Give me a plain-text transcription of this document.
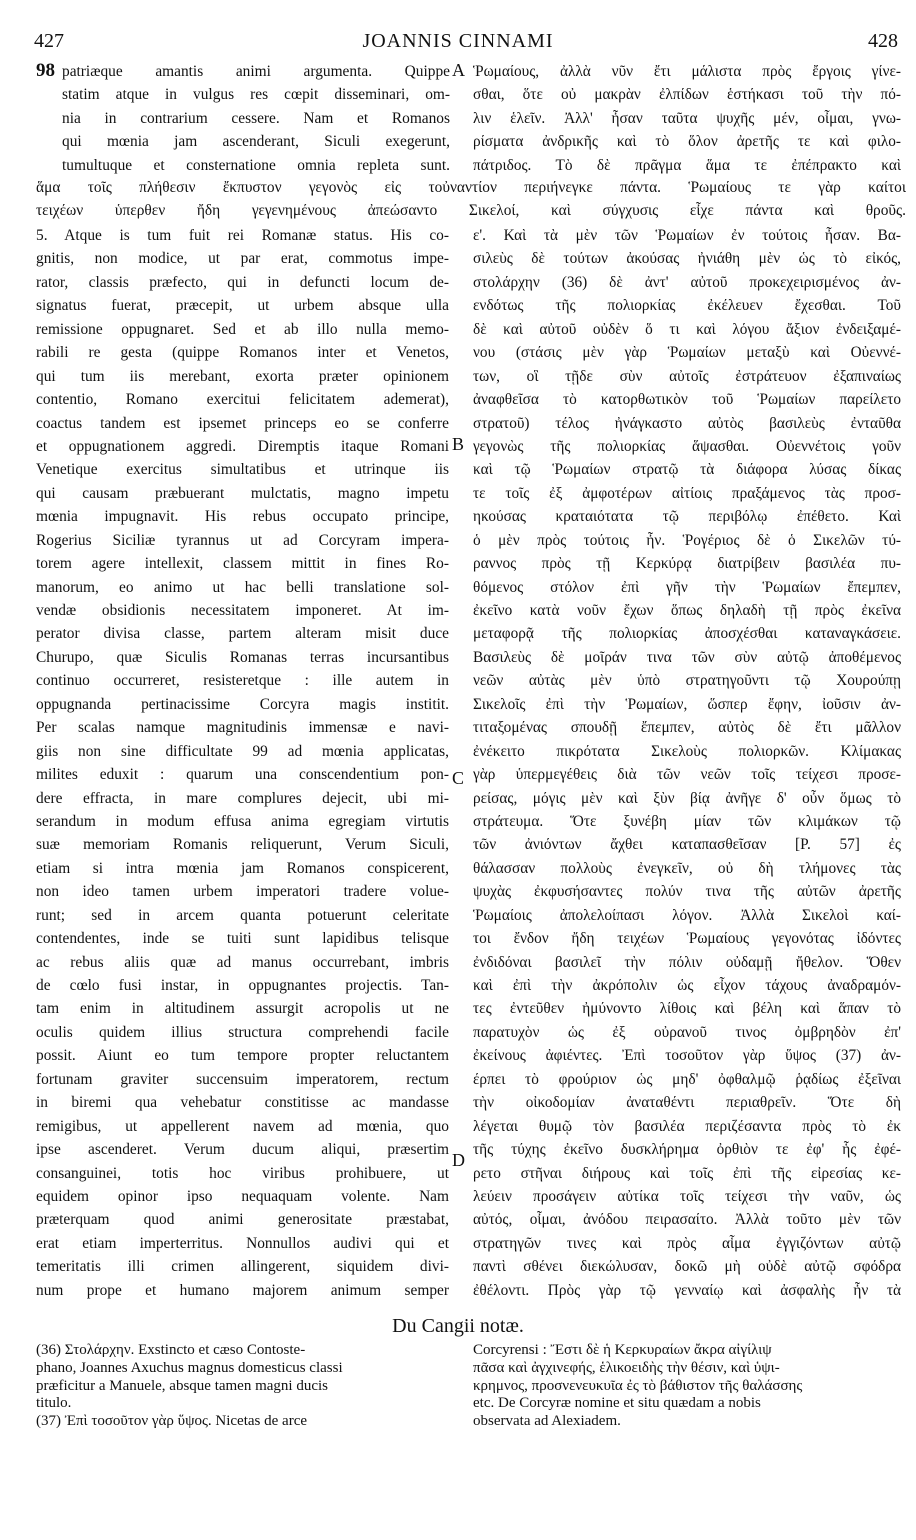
427	JOANNIS CINNAMI	428
98	A
B
C
D
patriæque amantis animi argumenta. Quippe
statim atque in vulgus res cœpit disseminari, om-
nia in contrarium cessere. Nam et Romanos
qui mœnia jam ascenderant, Siculi exegerunt,
tumultuque et consternatione omnia repleta sunt.
Ῥωμαίους, ἀλλὰ νῦν ἔτι μάλιστα πρὸς ἔργοις γίνε-
σθαι, ὅτε οὐ μακρὰν ἐλπίδων ἑστήκασι τοῦ τὴν πό-
λιν ἑλεῖν. Ἀλλ' ἦσαν ταῦτα ψυχῆς μέν, οἶμαι, γνω-
ρίσματα ἀνδρικῆς καὶ τὸ ὅλον ἀρετῆς τε καὶ φιλο-
πάτριδος. Τὸ δὲ πρᾶγμα ἅμα τε ἐπέπρακτο καὶ
ἅμα τοῖς πλήθεσιν ἔκπυστον γεγονὸς εἰς τοὐναντίον περιήνεγκε πάντα. Ῥωμαίους τε γὰρ καίτοι
τειχέων ὑπερθεν ἤδη γεγενημένους ἀπεώσαντο Σικελοί, καὶ σύγχυσις εἶχε πάντα καὶ θροῦς.
5. Atque is tum fuit rei Romanæ status. His co-
gnitis, non modice, ut par erat, commotus impe-
rator, classis præfecto, qui in defuncti locum de-
signatus fuerat, præcepit, ut urbem absque ulla
remissione oppugnaret. Sed et ab illo nulla memo-
rabili re gesta (quippe Romanos inter et Venetos,
qui tum iis merebant, exorta præter opinionem
contentio, Romano exercitui felicitatem ademerat),
coactus tandem est ipsemet princeps eo se conferre
et oppugnationem aggredi. Diremptis itaque Romani
Venetique exercitus simultatibus et utrinque iis
qui causam præbuerant mulctatis, magno impetu
mœnia impugnavit. His rebus occupato principe,
Rogerius Siciliæ tyrannus ut ad Corcyram impera-
torem agere intellexit, classem mittit in fines Ro-
manorum, eo animo ut hac belli translatione sol-
vendæ obsidionis necessitatem imponeret. At im-
perator divisa classe, partem alteram misit duce
Churupo, quæ Siculis Romanas terras incursantibus
continuo occurreret, resisteretque : ille autem in
oppugnanda pertinacissime Corcyra magis institit.
Per scalas namque magnitudinis immensæ e navi-
giis non sine difficultate 99 ad mœnia applicatas,
milites eduxit : quarum una conscendentium pon-
dere effracta, in mare complures dejecit, ubi mi-
serandum in modum effusa anima egregiam virtutis
suæ memoriam Romanis reliquerunt, Verum Siculi,
etiam si intra mœnia jam Romanos conspicerent,
non ideo tamen urbem imperatori tradere volue-
runt; sed in arcem quanta potuerunt celeritate
contendentes, inde se tuiti sunt lapidibus telisque
ac rebus aliis quæ ad manus occurrebant, imbris
de cœlo fusi instar, in oppugnantes projectis. Tan-
tam enim in altitudinem assurgit acropolis ut ne
oculis quidem illius structura comprehendi facile
possit. Aiunt eo tum tempore propter reluctantem
fortunam graviter succensuim imperatorem, rectum
in biremi qua vehebatur constitisse ac mandasse
remigibus, ut appellerent navem ad mœnia, quo
ipse ascenderet. Verum ducum aliqui, præsertim
consanguinei, totis hoc viribus prohibuere, ut
equidem opinor ipso nequaquam volente. Nam
præterquam quod animi generositate præstabat,
erat etiam imperterritus. Nonnullos audivi qui et
temeritatis illi crimen allingerent, siquidem divi-
num prope et humano majorem animum semper
ε'. Καὶ τὰ μὲν τῶν Ῥωμαίων ἐν τούτοις ἦσαν. Βα-
σιλεὺς δὲ τούτων ἀκούσας ἠνιάθη μὲν ὡς τὸ εἰκός,
στολάρχην (36) δὲ ἀντ' αὐτοῦ προκεχειρισμένος ἀν-
ενδότως τῆς πολιορκίας ἐκέλευεν ἔχεσθαι. Τοῦ
δὲ καὶ αὐτοῦ οὐδὲν ὅ τι καὶ λόγου ἄξιον ἐνδειξαμέ-
νου (στάσις μὲν γὰρ Ῥωμαίων μεταξὺ καὶ Οὐεννέ-
των, οἳ τῇδε σὺν αὐτοῖς ἐστράτευον ἐξαπιναίως
ἀναφθεῖσα τὸ κατορθωτικὸν τοῦ Ῥωμαίων παρείλετο
στρατοῦ) τέλος ἠνάγκαστο αὐτὸς βασιλεὺς ἐνταῦθα
γεγονὼς τῆς πολιορκίας ἅψασθαι. Οὐεννέτοις γοῦν
καὶ τῷ Ῥωμαίων στρατῷ τὰ διάφορα λύσας δίκας
τε τοῖς ἐξ ἀμφοτέρων αἰτίοις πραξάμενος τὰς προσ-
ηκούσας κραταιότατα τῷ περιβόλῳ ἐπέθετο. Καὶ
ὁ μὲν πρὸς τούτοις ἦν. Ῥογέριος δὲ ὁ Σικελῶν τύ-
ραννος πρὸς τῇ Κερκύρᾳ διατρίβειν βασιλέα πυ-
θόμενος στόλον ἐπὶ γῆν τὴν Ῥωμαίων ἔπεμπεν,
ἐκεῖνο κατὰ νοῦν ἔχων ὅπως δηλαδὴ τῇ πρὸς ἐκεῖνα
μεταφορᾷ τῆς πολιορκίας ἀποσχέσθαι καταναγκάσειε.
Βασιλεὺς δὲ μοῖράν τινα τῶν σὺν αὐτῷ ἀποθέμενος
νεῶν αὐτὰς μὲν ὑπὸ στρατηγοῦντι τῷ Χουρούπῃ
Σικελοῖς ἐπὶ τὴν Ῥωμαίων, ὥσπερ ἔφην, ἰοῦσιν ἀν-
τιταξομένας σπουδῇ ἔπεμπεν, αὐτὸς δὲ ἔτι μᾶλλον
ἐνέκειτο πικρότατα Σικελοὺς πολιορκῶν. Κλίμακας
γὰρ ὑπερμεγέθεις διὰ τῶν νεῶν τοῖς τείχεσι προσε-
ρείσας, μόγις μὲν καὶ ξὺν βίᾳ ἀνῆγε δ' οὖν ὅμως τὸ
στράτευμα. Ὅτε ξυνέβη μίαν τῶν κλιμάκων τῷ
τῶν ἀνιόντων ἄχθει καταπασθεῖσαν [P. 57] ἐς
θάλασσαν πολλοὺς ἐνεγκεῖν, οὐ δὴ τλήμονες τὰς
ψυχὰς ἐκφυσήσαντες πολύν τινα τῆς αὐτῶν ἀρετῆς
Ῥωμαίοις ἀπολελοίπασι λόγον. Ἀλλὰ Σικελοὶ καί-
τοι ἔνδον ἤδη τειχέων Ῥωμαίους γεγονότας ἰδόντες
ἐνδιδόναι βασιλεῖ τὴν πόλιν οὐδαμῇ ἤθελον. Ὅθεν
καὶ ἐπὶ τὴν ἀκρόπολιν ὡς εἶχον τάχους ἀναδραμόν-
τες ἐντεῦθεν ἠμύνοντο λίθοις καὶ βέλη καὶ ἅπαν τὸ
παρατυχὸν ὡς ἐξ οὐρανοῦ τινος ὀμβρηδὸν ἐπ'
ἐκείνους ἀφιέντες. Ἐπὶ τοσοῦτον γὰρ ὕψος (37) ἀν-
έρπει τὸ φρούριον ὡς μηδ' ὀφθαλμῷ ῥᾳδίως ἐξεῖναι
τὴν οἰκοδομίαν ἀναταθέντι περιαθρεῖν. Ὅτε δὴ
λέγεται θυμῷ τὸν βασιλέα περιζέσαντα πρὸς τὸ ἐκ
τῆς τύχης ἐκεῖνο δυσκλήρημα ὀρθιὸν τε ἐφ' ἧς ἐφέ-
ρετο στῆναι διήρους καὶ τοῖς ἐπὶ τῆς εἰρεσίας κε-
λεύειν προσάγειν αὐτίκα τοῖς τείχεσι τὴν ναῦν, ὡς
αὐτός, οἶμαι, ἀνόδου πειρασαίτο. Ἀλλὰ τοῦτο μὲν τῶν
στρατηγῶν τινες καὶ πρὸς αἷμα ἐγγιζόντων αὐτῷ
παντὶ σθένει διεκώλυσαν, δοκῶ μὴ οὐδὲ αὐτῷ σφόδρα
ἐθέλοντι. Πρὸς γὰρ τῷ γενναίῳ καὶ ἀσφαλὴς ἦν τὰ
Du Cangii notæ.
(36) Στολάρχην. Exstincto et cæso Contoste-
phano, Joannes Axuchus magnus domesticus classi
præficitur a Manuele, absque tamen magni ducis
titulo.
(37) Ἐπὶ τοσοῦτον γὰρ ὕψος. Nicetas de arce
Corcyrensi : Ἔστι δὲ ἡ Κερκυραίων ἄκρα αἰγίλιψ
πᾶσα καὶ ἀγχινεφής, ἑλικοειδὴς τὴν θέσιν, καὶ ὑψι-
κρημνος, προσνενευκυῖα ἐς τὸ βάθιστον τῆς θαλάσσης
etc. De Corcyræ nomine et situ quædam a nobis
observata ad Alexiadem.
